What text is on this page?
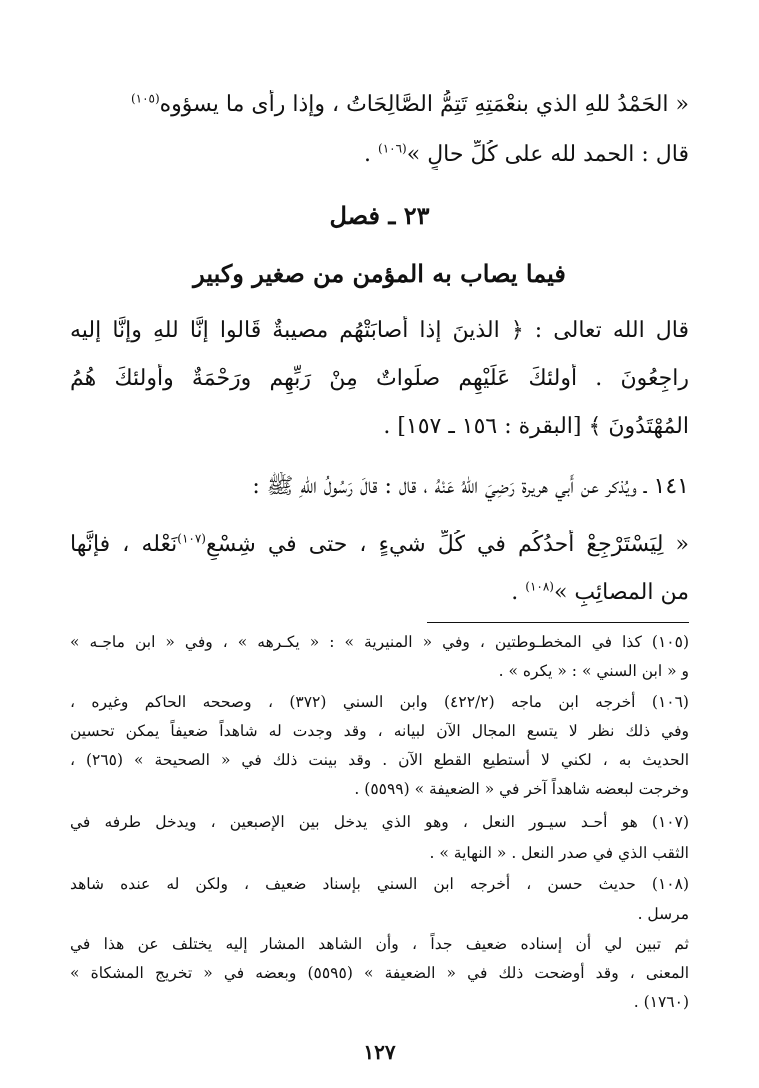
« الحَمْدُ للهِ الذي بنعْمَتِهِ تَتِمُّ الصَّالِحَاتُ ، وإذا رأى ما يسؤوه$^{(١٠٥)}$
قال : الحمد لله على كُلِّ حالٍ »$^{(١٠٦)}$ .
٢٣ ـ فصل
فيما يصاب به المؤمن من صغير وكبير
قال الله تعالى : ﴿ الذينَ إذا أَصابَتْهُم مصيبةٌ قَالوا إنَّا للهِ وإنَّا إليه
راجِعُونَ . أُولئكَ عَلَيْهِم صلَواتٌ مِنْ رَبِّهِم ورَحْمَةٌ وأُولئكَ هُمُ
المُهْتَدُونَ ﴾ [البقرة : ١٥٦ ـ ١٥٧] .
١٤١ ـ ويُذكر عن أَبي هريرة رَضِيَ اللهُ عَنْهُ ، قال : قالَ رَسُولُ اللهِ ﷺ :
« لِيَسْتَرْجِعْ أَحدُكُم في كُلِّ شيءٍ ، حتى في شِسْعِ$^{(١٠٧)}$نَعْله ، فإنَّها
من المصائِبِ »$^{(١٠٨)}$ .
(١٠٥) كذا في المخطـوطتين ، وفي « المنيرية » : « يكـرهه » ، وفي « ابن ماجـه »
و « ابن السني » : « يكره » .
(١٠٦) أخرجه ابن ماجه (٤٢٢/٢) وابن السني (٣٧٢) ، وصححه الحاكم وغيره ،
وفي ذلك نظر لا يتسع المجال الآن لبيانه ، وقد وجدت له شاهداً ضعيفاً يمكن تحسين
الحديث به ، لكني لا أستطيع القطع الآن . وقد بينت ذلك في « الصحيحة » (٢٦٥) ،
وخرجت لبعضه شاهداً آخر في « الضعيفة » (٥٥٩٩) .
(١٠٧) هو أحـد سيـور النعل ، وهو الذي يدخل بين الإصبعين ، ويدخل طرفه في
الثقب الذي في صدر النعل . « النهاية » .
(١٠٨) حديث حسن ، أخرجه ابن السني بإسناد ضعيف ، ولكن له عنده شاهد
مرسل .
ثم تبين لي أن إسناده ضعيف جداً ، وأن الشاهد المشار إليه يختلف عن هذا في
المعنى ، وقد أوضحت ذلك في « الضعيفة » (٥٥٩٥) وبعضه في « تخريج المشكاة »
(١٧٦٠) .
١٢٧
